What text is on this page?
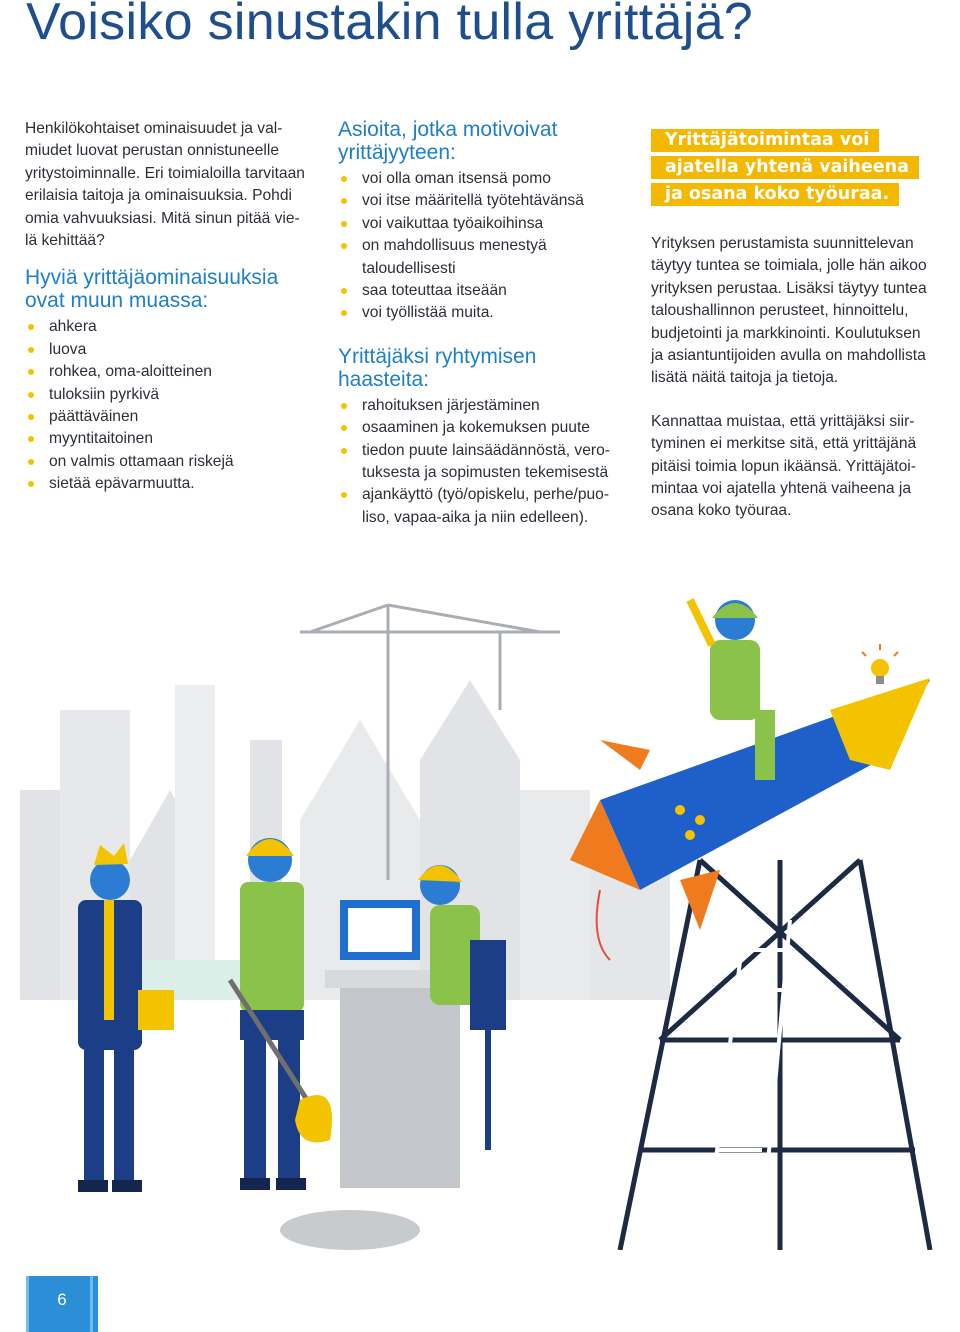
Voisiko sinustakin tulla yrittäjä?

Henkilökohtaiset ominaisuudet ja val-
miudet luovat perustan onnistuneelle
yritystoiminnalle. Eri toimialoilla tarvitaan
erilaisia taitoja ja ominaisuuksia. Pohdi
omia vahvuuksiasi. Mitä sinun pitää vie-
lä kehittää?

Hyviä yrittäjäominaisuuksia
ovat muun muassa:
ahkera
luova
rohkea, oma-aloitteinen
tuloksiin pyrkivä
päättäväinen
myyntitaitoinen
on valmis ottamaan riskejä
sietää epävarmuutta.
Asioita, jotka motivoivat
yrittäjyyteen:
voi olla oman itsensä pomo
voi itse määritellä työtehtävänsä
voi vaikuttaa työaikoihinsa
on mahdollisuus menestyä
taloudellisesti
saa toteuttaa itseään
voi työllistää muita.
Yrittäjäksi ryhtymisen
haasteita:
rahoituksen järjestäminen
osaaminen ja kokemuksen puute
tiedon puute lainsäädännöstä, vero-
tuksesta ja sopimusten tekemisestä
ajankäyttö (työ/opiskelu, perhe/puo-
liso, vapaa-aika ja niin edelleen).
Yrittäjätoimintaa voi
ajatella yhtenä vaiheena
ja osana koko työuraa.

Yrityksen perustamista suunnittelevan
täytyy tuntea se toimiala, jolle hän aikoo
yrityksen perustaa. Lisäksi täytyy tuntea
taloushallinnon perusteet, hinnoittelu,
budjetointi ja markkinointi. Koulutuksen
ja asiantuntijoiden avulla on mahdollista
lisätä näitä taitoja ja tietoja.

Kannattaa muistaa, että yrittäjäksi siir-
tyminen ei merkitse sitä, että yrittäjänä
pitäisi toimia lopun ikäänsä. Yrittäjätoi-
mintaa voi ajatella yhtenä vaiheena ja
osana koko työuraa.

6
